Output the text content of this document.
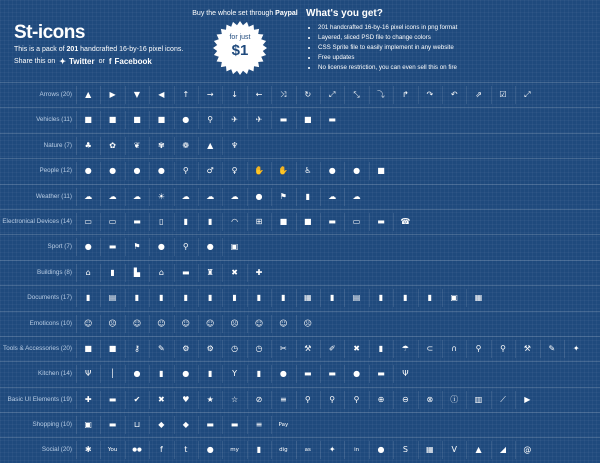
St-icons
This is a pack of 201 handcrafted 16-by-16 pixel icons.
Share this on ✦ Twitter or f Facebook
Buy the whole set through Paypal
for just
$1
What's you get?
• 201 handcrafted 16-by-16 pixel icons in png format
• Layered, sliced PSD file to change colors
• CSS Sprite file to easily implement in any website
• Free updates
• No license restriction, you can even sell this on fire
Arrows (20) ▲ ▶ ▼ ◀ ↑ → ↓ ← ⤨ ↻ ⤢ ⤡ ⤵ ↱ ↷ ↶ ⇗ ☑ ⤢
Vehicles (11) ■ ■ ■ ■ ● ⚲ ✈ ✈ ▬ ■ ▬
Nature (7) ♣ ✿ ❦ ✾ ❁ ▲ ♆
People (12) ● ● ● ● ⚲ ♂ ♀ ✋ ✋ ♿ ● ● ■
Weather (11) ☁ ☁ ☁ ☀ ☁ ☁ ☁ ● ⚑ ▮ ☁ ☁
Electronical Devices (14) ▭ ▭ ▬ ▯	▮	▮ ◠ ⊞ ■ ■ ▬ ▭ ▬ ☎
Sport (7) ● ▬ ⚑ ● ⚲ ● ▣
Buildings (8) ⌂ ▮ ▙ ⌂ ▬ ♜ ✖ ✚
Documents (17) ▮ ▤ ▮ ▮	▮	▮ ▮	▮ ▮ ▦ ▮ ▤ ▮ ▮	▮ ▣ ▦
Emoticons (10) ☺ ☹ ☺ ☺ ☺ ☺ ☹ ☺ ☺ ☹
Tools & Accessories (20) ■ ■ ⚷ ✎ ⚙ ⚙ ◷ ◷ ✂ ⚒ ✐ ✖ ▮ ☂ ⊂ ∩ ⚲ ⚲ ⚒ ✎ ✦
Kitchen (14) Ψ │ ● ▮ ● ▮ Y ▮ ● ▬ ▬ ● ▬ Ψ
Basic UI Elements (19) ✚ ▬ ✔ ✖ ♥ ★ ☆ ⊘ ≡ ⚲ ⚲ ⚲ ⊕ ⊖ ⊗ ⓘ ▥ ⟋ ▶
Shopping (10) ▣ ▬ ⊔ ◆ ◆ ▬ ▬ ≡	Pay
Social (20) ✱	You	●● f	t ●	my ▮	dig	as ✦	in ● S ▦ V ▲ ◢ @
